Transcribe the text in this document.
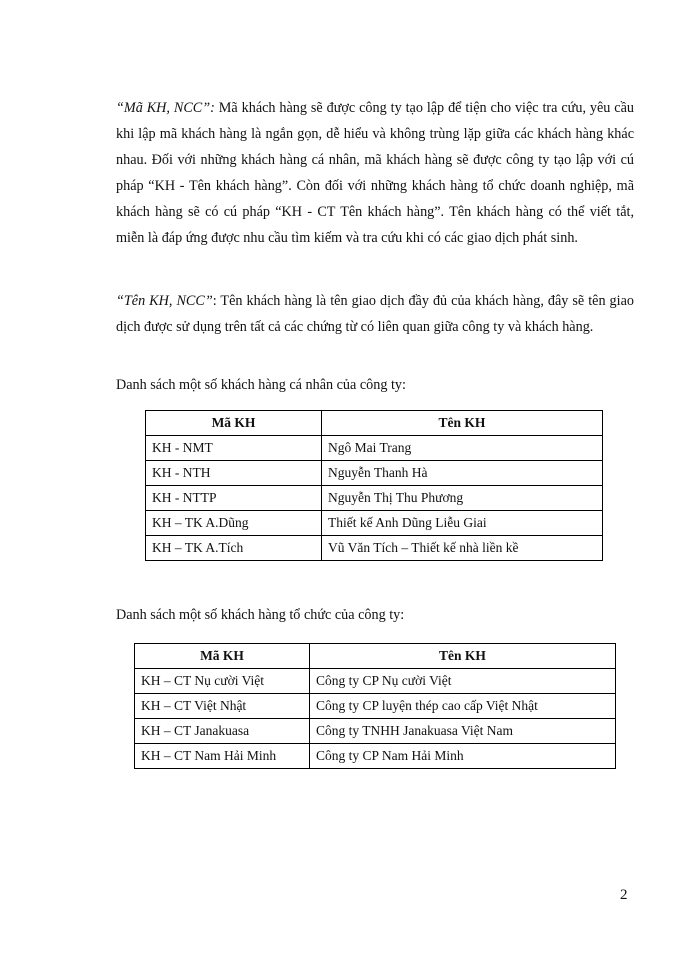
“Mã KH, NCC”: Mã khách hàng sẽ được công ty tạo lập để tiện cho việc tra cứu, yêu cầu khi lập mã khách hàng là ngắn gọn, dễ hiểu và không trùng lặp giữa các khách hàng khác nhau. Đối với những khách hàng cá nhân, mã khách hàng sẽ được công ty tạo lập với cú pháp “KH - Tên khách hàng”. Còn đối với những khách hàng tổ chức doanh nghiệp, mã khách hàng sẽ có cú pháp “KH - CT Tên khách hàng”. Tên khách hàng có thể viết tắt, miễn là đáp ứng được nhu cầu tìm kiếm và tra cứu khi có các giao dịch phát sinh.

“Tên KH, NCC”: Tên khách hàng là tên giao dịch đầy đủ của khách hàng, đây sẽ tên giao dịch được sử dụng trên tất cả các chứng từ có liên quan giữa công ty và khách hàng.

Danh sách một số khách hàng cá nhân của công ty:

Mã KH	Tên KH
KH - NMT	Ngô Mai Trang
KH - NTH	Nguyễn Thanh Hà
KH - NTTP	Nguyễn Thị Thu Phương
KH – TK A.Dũng	Thiết kế Anh Dũng Liễu Giai
KH – TK A.Tích	Vũ Văn Tích – Thiết kế nhà liền kề

Danh sách một số khách hàng tổ chức của công ty:

Mã KH	Tên KH
KH – CT Nụ cười Việt	Công ty CP Nụ cười Việt
KH – CT Việt Nhật	Công ty CP luyện thép cao cấp Việt Nhật
KH – CT Janakuasa	Công ty TNHH Janakuasa Việt Nam
KH – CT Nam Hải Minh	Công ty CP Nam Hải Minh
2
